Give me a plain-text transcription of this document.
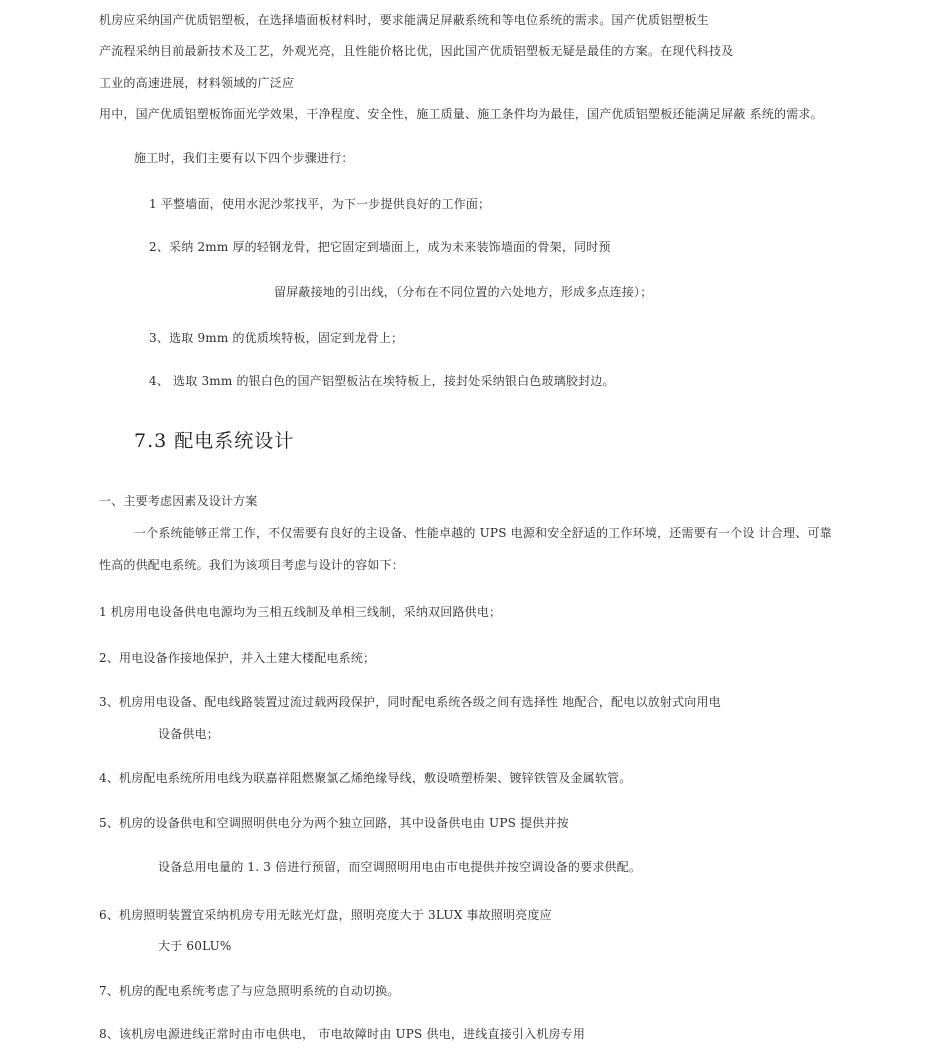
机房应采纳国产优质铝塑板，在选择墙面板材料时，要求能满足屏蔽系统和等电位系统的需求。国产优质铝塑板生
产流程采纳目前最新技术及工艺，外观光亮，且性能价格比优，因此国产优质铝塑板无疑是最佳的方案。在现代科技及
工业的高速进展，材料领域的广泛应
用中，国产优质铝塑板饰面光学效果，干净程度、安全性，施工质量、施工条件均为最佳，国产优质铝塑板还能满足屏蔽 系统的需求。
施工时，我们主要有以下四个步骤进行：
1 平整墙面，使用水泥沙浆找平，为下一步提供良好的工作面；
2、采纳 2mm 厚的轻钢龙骨，把它固定到墙面上，成为未来装饰墙面的骨架，同时预
留屏蔽接地的引出线，（分布在不同位置的六处地方，形成多点连接）；
3、选取 9mm 的优质埃特板，固定到龙骨上；
4、 选取 3mm 的银白色的国产铝塑板沾在埃特板上，接封处采纳银白色玻璃胶封边。
7.3 配电系统设计
一、主要考虑因素及设计方案
一个系统能够正常工作，不仅需要有良好的主设备、性能卓越的 UPS 电源和安全舒适的工作环境，还需要有一个设 计合理、可靠
性高的供配电系统。我们为该项目考虑与设计的容如下：
1 机房用电设备供电电源均为三相五线制及单相三线制，采纳双回路供电；
2、用电设备作接地保护，并入土建大楼配电系统；
3、机房用电设备、配电线路装置过流过载两段保护，同时配电系统各级之间有选择性 地配合，配电以放射式向用电
设备供电；
4、机房配电系统所用电线为联嘉祥阻燃聚氯乙烯绝缘导线，敷设喷塑桥架、镀锌铁管及金属软管。
5、机房的设备供电和空调照明供电分为两个独立回路，其中设备供电由 UPS 提供并按
设备总用电量的 1. 3 倍进行预留，而空调照明用电由市电提供并按空调设备的要求供配。
6、机房照明装置宜采纳机房专用无眩光灯盘，照明亮度大于 3LUX 事故照明亮度应
大于 60LU%
7、机房的配电系统考虑了与应急照明系统的自动切换。
8、该机房电源进线正常时由市电供电， 市电故障时由 UPS 供电，进线直接引入机房专用
